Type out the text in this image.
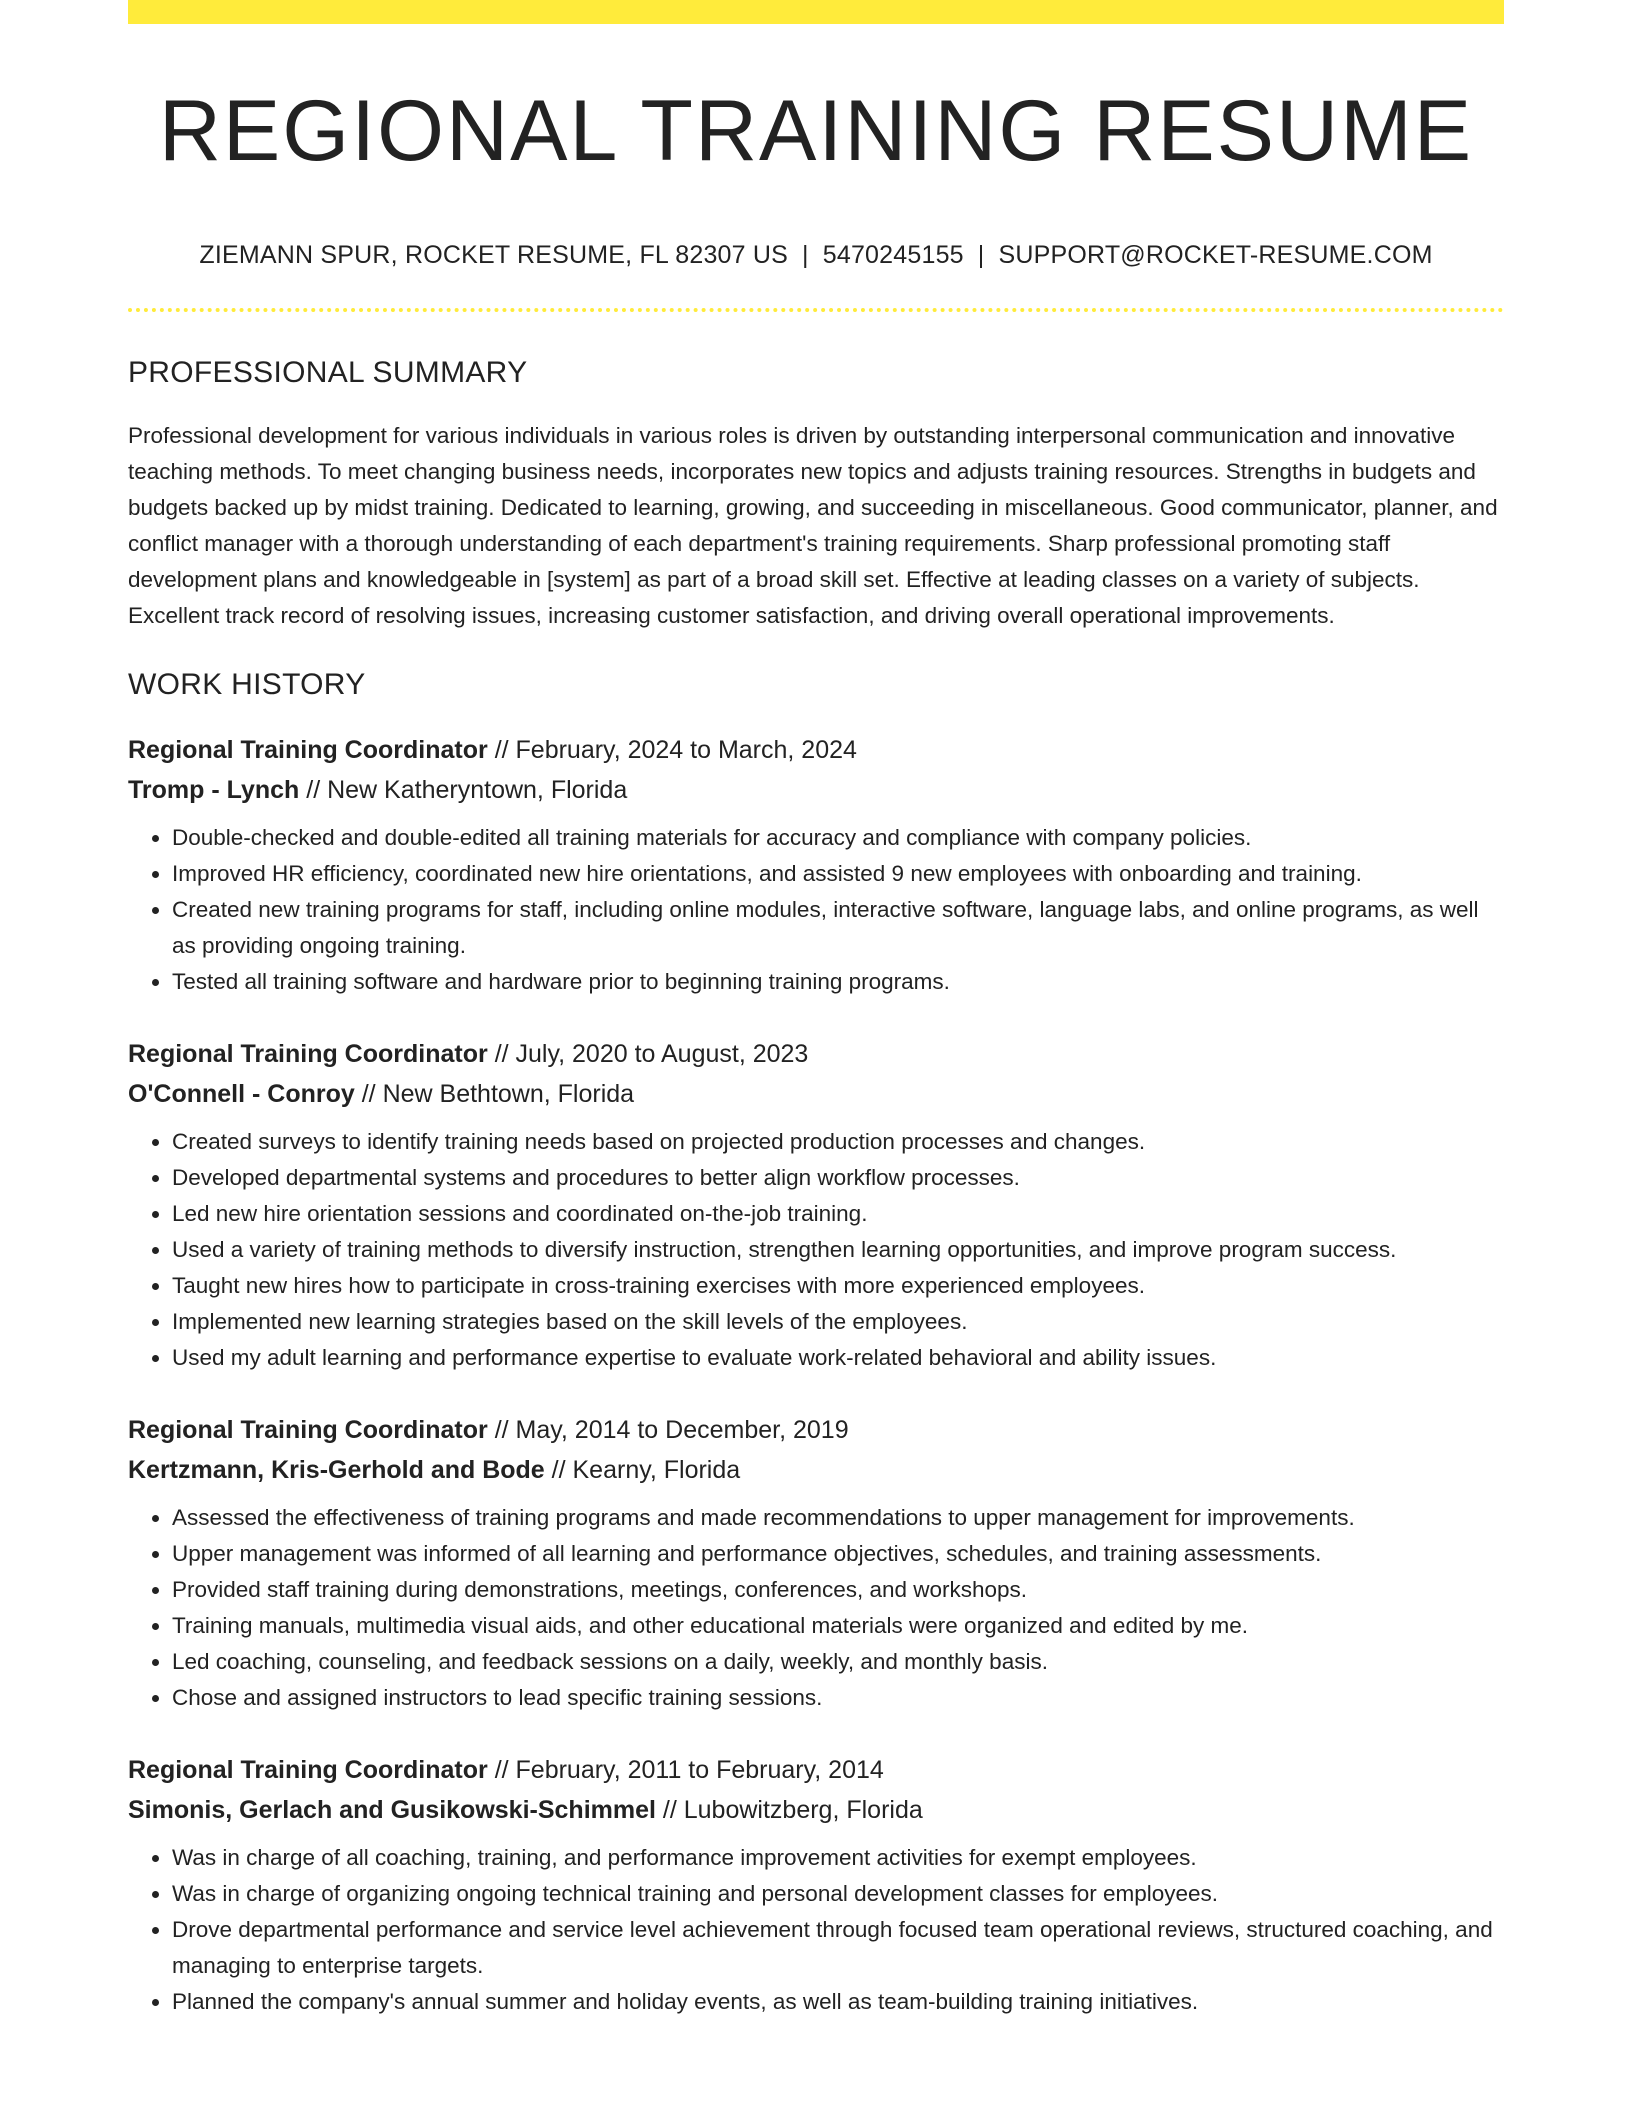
REGIONAL TRAINING RESUME
ZIEMANN SPUR, ROCKET RESUME, FL 82307 US | 5470245155 | SUPPORT@ROCKET-RESUME.COM
PROFESSIONAL SUMMARY

Professional development for various individuals in various roles is driven by outstanding interpersonal communication and innovative teaching methods. To meet changing business needs, incorporates new topics and adjusts training resources. Strengths in budgets and budgets backed up by midst training. Dedicated to learning, growing, and succeeding in miscellaneous. Good communicator, planner, and conflict manager with a thorough understanding of each department's training requirements. Sharp professional promoting staff development plans and knowledgeable in [system] as part of a broad skill set. Effective at leading classes on a variety of subjects. Excellent track record of resolving issues, increasing customer satisfaction, and driving overall operational improvements.

WORK HISTORY
Regional Training Coordinator // February, 2024 to March, 2024
Tromp - Lynch // New Katheryntown, Florida
• Double-checked and double-edited all training materials for accuracy and compliance with company policies.
• Improved HR efficiency, coordinated new hire orientations, and assisted 9 new employees with onboarding and training.
• Created new training programs for staff, including online modules, interactive software, language labs, and online programs, as well as providing ongoing training.
• Tested all training software and hardware prior to beginning training programs.
Regional Training Coordinator // July, 2020 to August, 2023
O'Connell - Conroy // New Bethtown, Florida
• Created surveys to identify training needs based on projected production processes and changes.
• Developed departmental systems and procedures to better align workflow processes.
• Led new hire orientation sessions and coordinated on-the-job training.
• Used a variety of training methods to diversify instruction, strengthen learning opportunities, and improve program success.
• Taught new hires how to participate in cross-training exercises with more experienced employees.
• Implemented new learning strategies based on the skill levels of the employees.
• Used my adult learning and performance expertise to evaluate work-related behavioral and ability issues.
Regional Training Coordinator // May, 2014 to December, 2019
Kertzmann, Kris-Gerhold and Bode // Kearny, Florida
• Assessed the effectiveness of training programs and made recommendations to upper management for improvements.
• Upper management was informed of all learning and performance objectives, schedules, and training assessments.
• Provided staff training during demonstrations, meetings, conferences, and workshops.
• Training manuals, multimedia visual aids, and other educational materials were organized and edited by me.
• Led coaching, counseling, and feedback sessions on a daily, weekly, and monthly basis.
• Chose and assigned instructors to lead specific training sessions.
Regional Training Coordinator // February, 2011 to February, 2014
Simonis, Gerlach and Gusikowski-Schimmel // Lubowitzberg, Florida
• Was in charge of all coaching, training, and performance improvement activities for exempt employees.
• Was in charge of organizing ongoing technical training and personal development classes for employees.
• Drove departmental performance and service level achievement through focused team operational reviews, structured coaching, and managing to enterprise targets.
• Planned the company's annual summer and holiday events, as well as team-building training initiatives.
